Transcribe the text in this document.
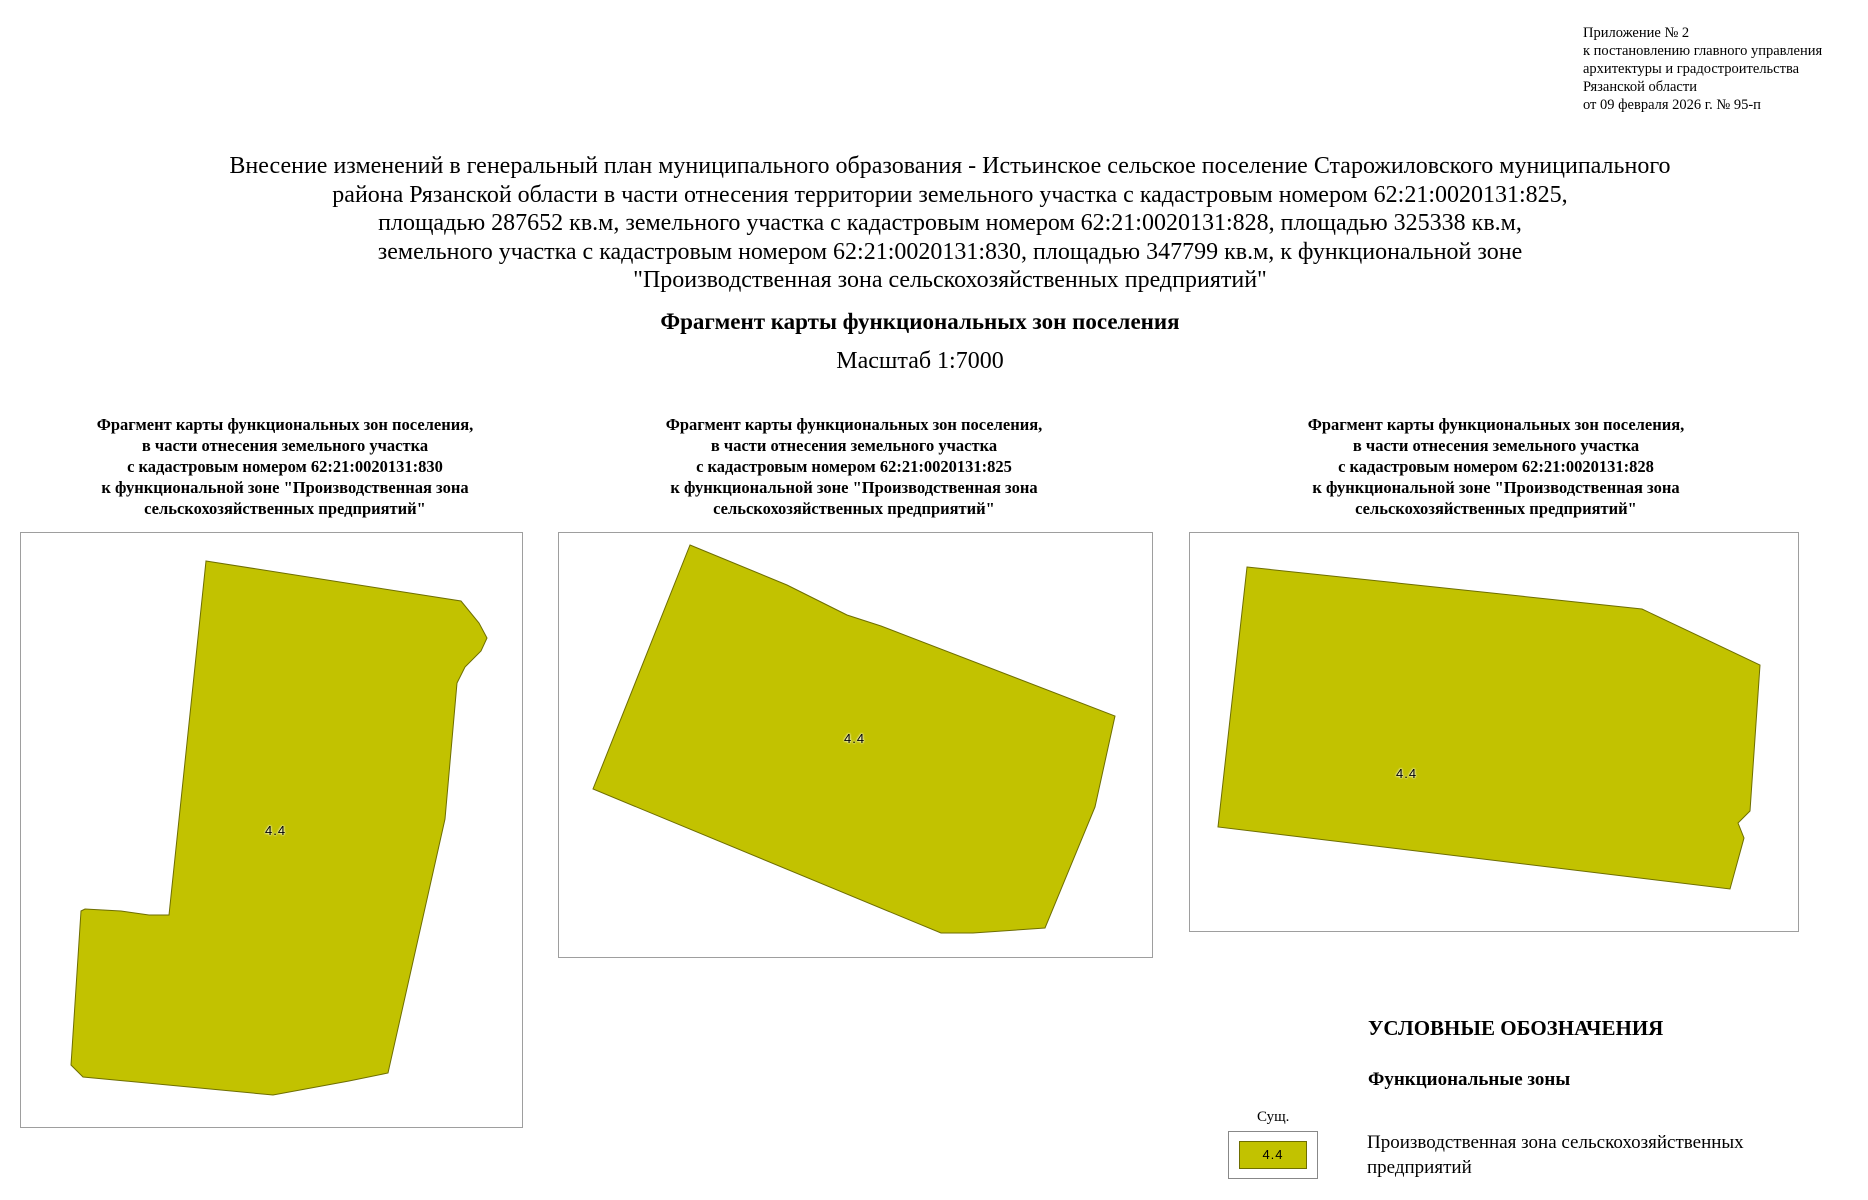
Приложение № 2
к постановлению главного управления
архитектуры и градостроительства
Рязанской области
от 09 февраля 2026 г. № 95-п
Внесение изменений в генеральный план муниципального образования - Истьинское сельское поселение Старожиловского муниципального
района Рязанской области в части отнесения территории земельного участка с кадастровым номером 62:21:0020131:825,
площадью 287652 кв.м, земельного участка с кадастровым номером 62:21:0020131:828, площадью 325338 кв.м,
земельного участка с кадастровым номером 62:21:0020131:830, площадью 347799 кв.м, к функциональной зоне
"Производственная зона сельскохозяйственных предприятий"
Фрагмент карты функциональных зон поселения
Масштаб 1:7000
Фрагмент карты функциональных зон поселения,
в части отнесения земельного участка
с кадастровым номером 62:21:0020131:830
к функциональной зоне "Производственная зона
сельскохозяйственных предприятий"
4.4
Фрагмент карты функциональных зон поселения,
в части отнесения земельного участка
с кадастровым номером 62:21:0020131:825
к функциональной зоне "Производственная зона
сельскохозяйственных предприятий"
4.4
4.4
Фрагмент карты функциональных зон поселения,
в части отнесения земельного участка
с кадастровым номером 62:21:0020131:828
к функциональной зоне "Производственная зона
сельскохозяйственных предприятий"
УСЛОВНЫЕ ОБОЗНАЧЕНИЯ
Функциональные зоны
Сущ.
4.4
Производственная зона сельскохозяйственных предприятий
